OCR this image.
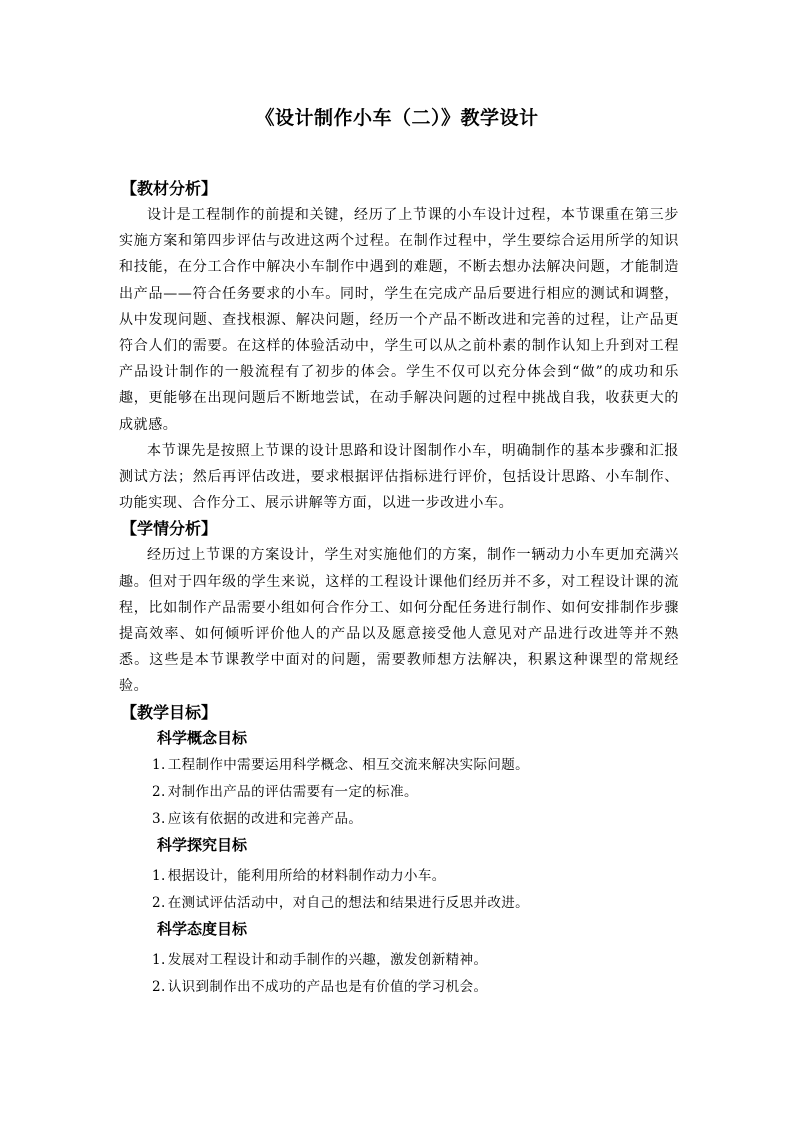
《设计制作小车（二）》教学设计
【教材分析】

设计是工程制作的前提和关键，经历了上节课的小车设计过程，本节课重在第三步实施方案和第四步评估与改进这两个过程。在制作过程中，学生要综合运用所学的知识和技能，在分工合作中解决小车制作中遇到的难题，不断去想办法解决问题，才能制造出产品——符合任务要求的小车。同时，学生在完成产品后要进行相应的测试和调整，从中发现问题、查找根源、解决问题，经历一个产品不断改进和完善的过程，让产品更符合人们的需要。在这样的体验活动中，学生可以从之前朴素的制作认知上升到对工程产品设计制作的一般流程有了初步的体会。学生不仅可以充分体会到“做”的成功和乐趣，更能够在出现问题后不断地尝试，在动手解决问题的过程中挑战自我，收获更大的成就感。

本节课先是按照上节课的设计思路和设计图制作小车，明确制作的基本步骤和汇报测试方法；然后再评估改进，要求根据评估指标进行评价，包括设计思路、小车制作、功能实现、合作分工、展示讲解等方面，以进一步改进小车。

【学情分析】

经历过上节课的方案设计，学生对实施他们的方案，制作一辆动力小车更加充满兴趣。但对于四年级的学生来说，这样的工程设计课他们经历并不多，对工程设计课的流程，比如制作产品需要小组如何合作分工、如何分配任务进行制作、如何安排制作步骤提高效率、如何倾听评价他人的产品以及愿意接受他人意见对产品进行改进等并不熟悉。这些是本节课教学中面对的问题，需要教师想方法解决，积累这种课型的常规经验。

【教学目标】
科学概念目标
1. 工程制作中需要运用科学概念、相互交流来解决实际问题。
2. 对制作出产品的评估需要有一定的标准。
3. 应该有依据的改进和完善产品。
科学探究目标
1. 根据设计，能利用所给的材料制作动力小车。
2. 在测试评估活动中，对自己的想法和结果进行反思并改进。
科学态度目标
1. 发展对工程设计和动手制作的兴趣，激发创新精神。
2. 认识到制作出不成功的产品也是有价值的学习机会。
